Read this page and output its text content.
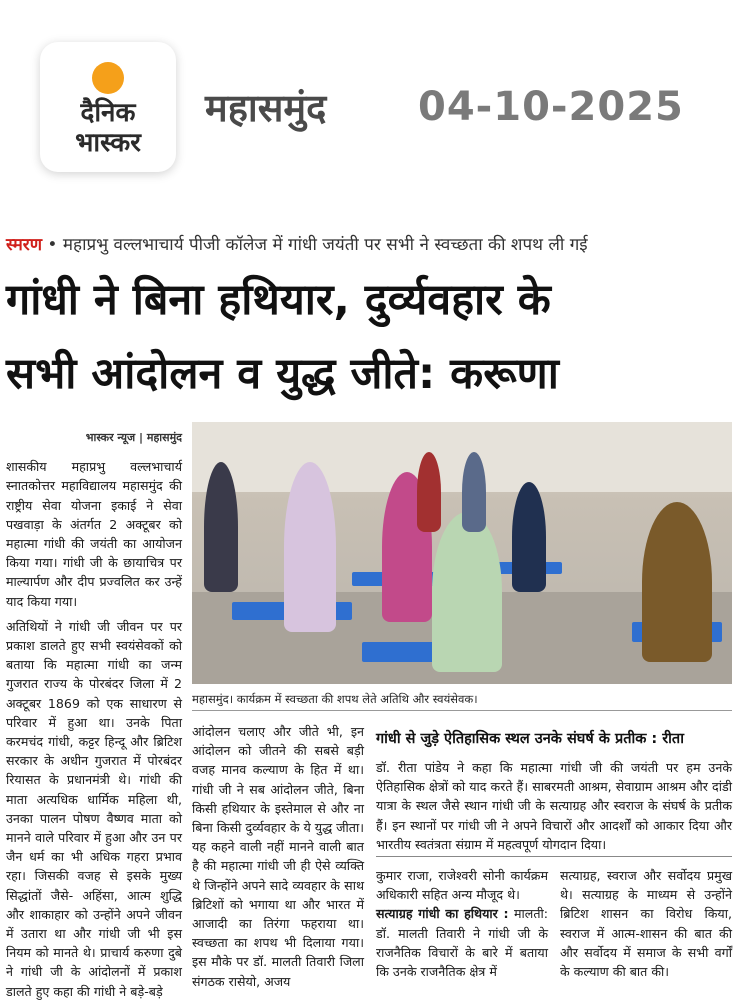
दैनिक
भास्कर
महासमुंद 04-10-2025
स्मरण • महाप्रभु वल्लभाचार्य पीजी कॉलेज में गांधी जयंती पर सभी ने स्वच्छता की शपथ ली गई
गांधी ने बिना हथियार, दुर्व्यवहार के
सभी आंदोलन व युद्ध जीते: करूणा

भास्कर न्यूज | महासमुंद

शासकीय महाप्रभु वल्लभाचार्य स्नातकोत्तर महाविद्यालय महासमुंद की राष्ट्रीय सेवा योजना इकाई ने सेवा पखवाड़ा के अंतर्गत 2 अक्टूबर को महात्मा गांधी की जयंती का आयोजन किया गया। गांधी जी के छायाचित्र पर माल्यार्पण और दीप प्रज्वलित कर उन्हें याद किया गया।

अतिथियों ने गांधी जी जीवन पर पर प्रकाश डालते हुए सभी स्वयंसेवकों को बताया कि महात्मा गांधी का जन्म गुजरात राज्य के पोरबंदर जिला में 2 अक्टूबर 1869 को एक साधारण से परिवार में हुआ था। उनके पिता करमचंद गांधी, कट्टर हिन्दू और ब्रिटिश सरकार के अधीन गुजरात में पोरबंदर रियासत के प्रधानमंत्री थे। गांधी की माता अत्यधिक धार्मिक महिला थी, उनका पालन पोषण वैष्णव माता को मानने वाले परिवार में हुआ और उन पर जैन धर्म का भी अधिक गहरा प्रभाव रहा। जिसकी वजह से इसके मुख्य सिद्धांतों जैसे- अहिंसा, आत्म शुद्धि और शाकाहार को उन्होंने अपने जीवन में उतारा था और गांधी जी भी इस नियम को मानते थे। प्राचार्य करुणा दुबे ने गांधी जी के आंदोलनों में प्रकाश डालते हुए कहा की गांधी ने बड़े-बड़े

महासमुंद। कार्यक्रम में स्वच्छता की शपथ लेते अतिथि और स्वयंसेवक।

आंदोलन चलाए और जीते भी, इन आंदोलन को जीतने की सबसे बड़ी वजह मानव कल्याण के हित में था। गांधी जी ने सब आंदोलन जीते, बिना किसी हथियार के इस्तेमाल से और ना बिना किसी दुर्व्यवहार के ये युद्ध जीता। यह कहने वाली नहीं मानने वाली बात है की महात्मा गांधी जी ही ऐसे व्यक्ति थे जिन्होंने अपने सादे व्यवहार के साथ ब्रिटिशों को भगाया था और भारत में आजादी का तिरंगा फहराया था। स्वच्छता का शपथ भी दिलाया गया। इस मौके पर डॉ. मालती तिवारी जिला संगठक रासेयो, अजय

गांधी से जुड़े ऐतिहासिक स्थल उनके संघर्ष के प्रतीक : रीता
डॉ. रीता पांडेय ने कहा कि महात्मा गांधी जी की जयंती पर हम उनके ऐतिहासिक क्षेत्रों को याद करते हैं। साबरमती आश्रम, सेवाग्राम आश्रम और दांडी यात्रा के स्थल जैसे स्थान गांधी जी के सत्याग्रह और स्वराज के संघर्ष के प्रतीक हैं। इन स्थानों पर गांधी जी ने अपने विचारों और आदर्शों को आकार दिया और भारतीय स्वतंत्रता संग्राम में महत्वपूर्ण योगदान दिया।

कुमार राजा, राजेश्वरी सोनी कार्यक्रम अधिकारी सहित अन्य मौजूद थे।

सत्याग्रह गांधी का हथियार : मालती: डॉ. मालती तिवारी ने गांधी जी के राजनैतिक विचारों के बारे में बताया कि उनके राजनैतिक क्षेत्र में

सत्याग्रह, स्वराज और सर्वोदय प्रमुख थे। सत्याग्रह के माध्यम से उन्होंने ब्रिटिश शासन का विरोध किया, स्वराज में आत्म-शासन की बात की और सर्वोदय में समाज के सभी वर्गों के कल्याण की बात की।
